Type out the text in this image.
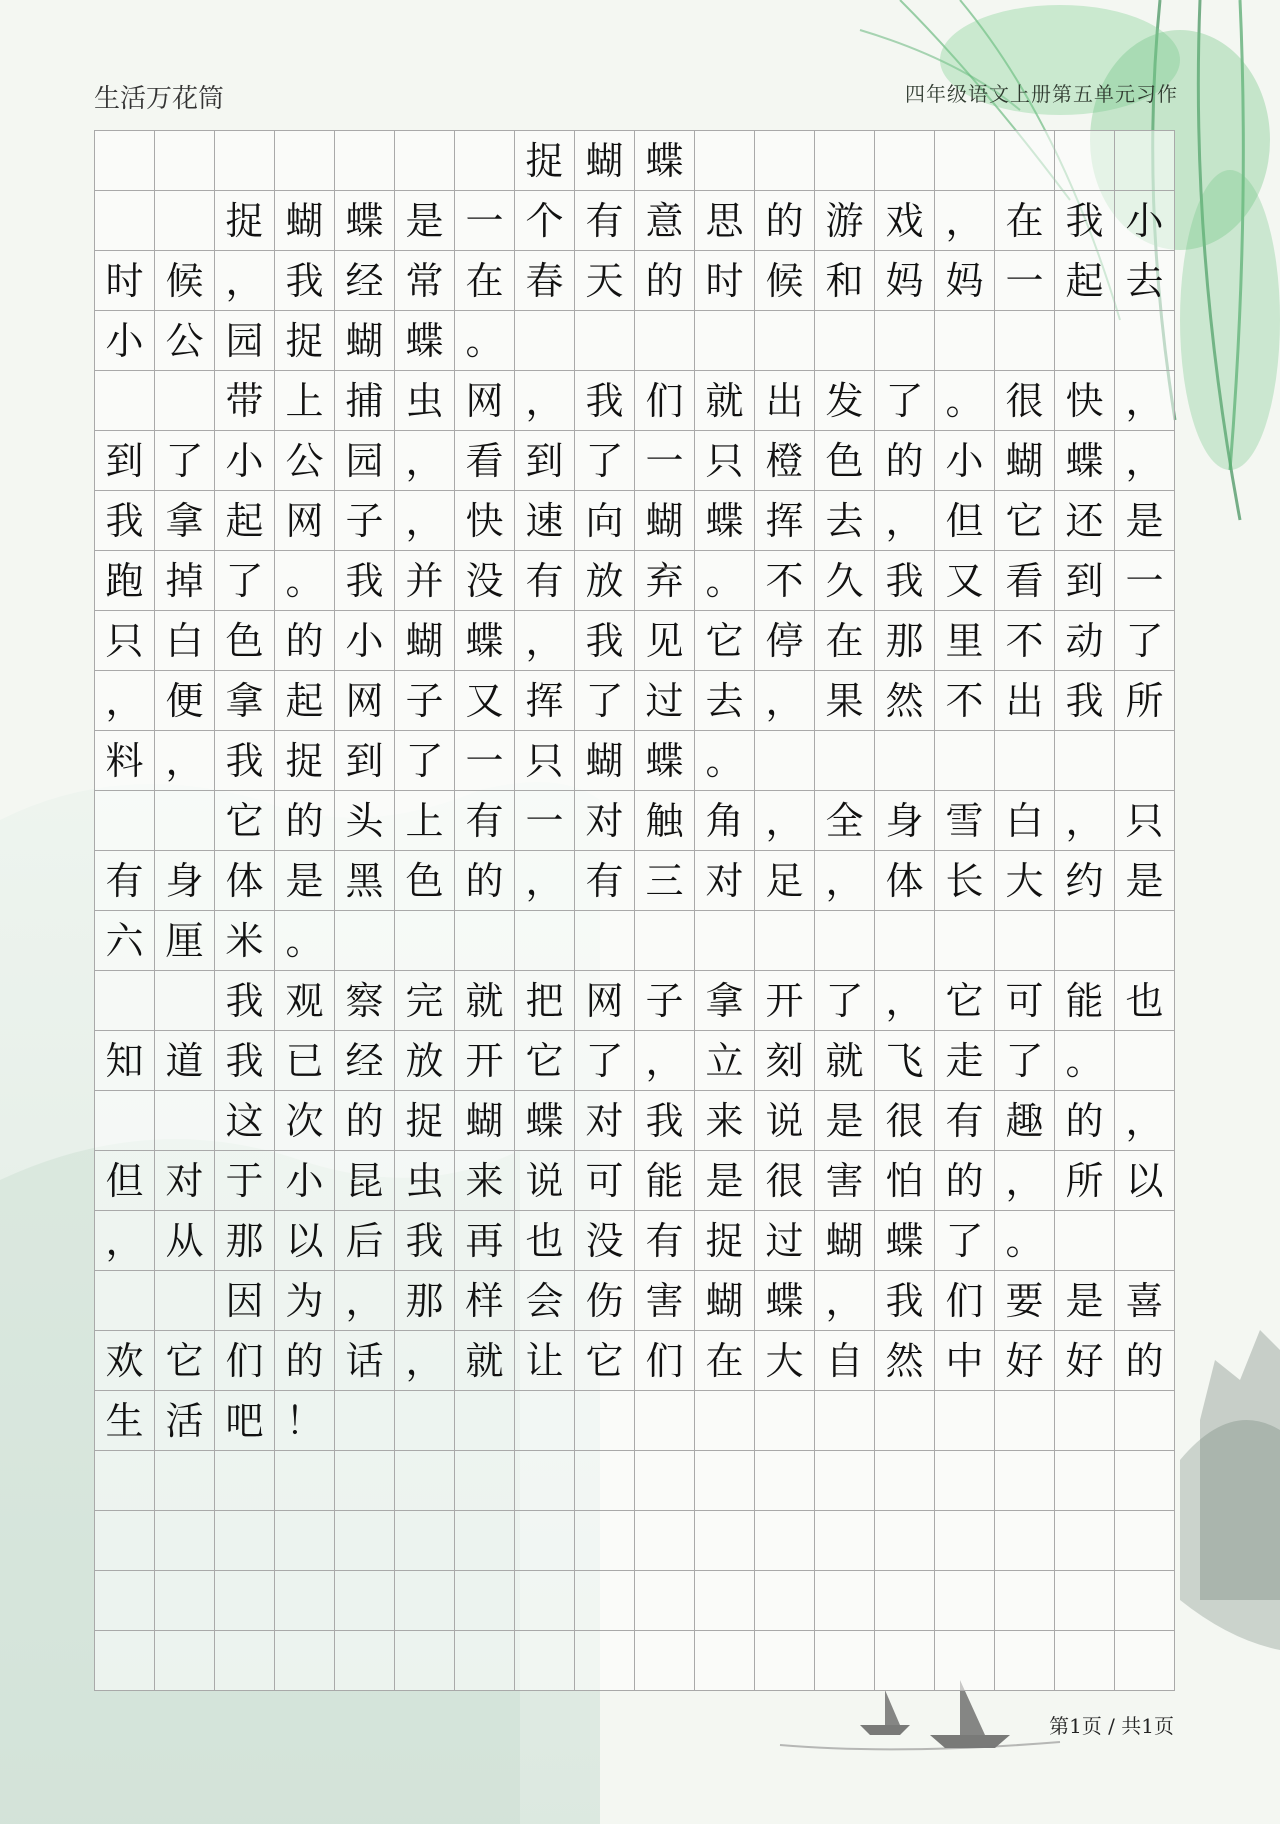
生活万花筒	四年级语文上册第五单元习作
捉 蝴 蝶
捉 蝴 蝶 是 一 个 有 意 思 的 游 戏 ， 在 我 小
时 候 ， 我 经 常 在 春 天 的 时 候 和 妈 妈 一 起 去
小 公 园 捉 蝴 蝶 。
带 上 捕 虫 网 ， 我 们 就 出 发 了 。 很 快 ，
到 了 小 公 园 ， 看 到 了 一 只 橙 色 的 小 蝴 蝶 ，
我 拿 起 网 子 ， 快 速 向 蝴 蝶 挥 去 ， 但 它 还 是
跑 掉 了 。 我 并 没 有 放 弃 。 不 久 我 又 看 到 一
只 白 色 的 小 蝴 蝶 ， 我 见 它 停 在 那 里 不 动 了
， 便 拿 起 网 子 又 挥 了 过 去 ， 果 然 不 出 我 所
料 ， 我 捉 到 了 一 只 蝴 蝶 。
它 的 头 上 有 一 对 触 角 ， 全 身 雪 白 ， 只
有 身 体 是 黑 色 的 ， 有 三 对 足 ， 体 长 大 约 是
六 厘 米 。
我 观 察 完 就 把 网 子 拿 开 了 ， 它 可 能 也
知 道 我 已 经 放 开 它 了 ， 立 刻 就 飞 走 了 。
这 次 的 捉 蝴 蝶 对 我 来 说 是 很 有 趣 的 ，
但 对 于 小 昆 虫 来 说 可 能 是 很 害 怕 的 ， 所 以
， 从 那 以 后 我 再 也 没 有 捉 过 蝴 蝶 了 。
因 为 ， 那 样 会 伤 害 蝴 蝶 ， 我 们 要 是 喜
欢 它 们 的 话 ， 就 让 它 们 在 大 自 然 中 好 好 的
生 活 吧 ！
第1页 / 共1页
